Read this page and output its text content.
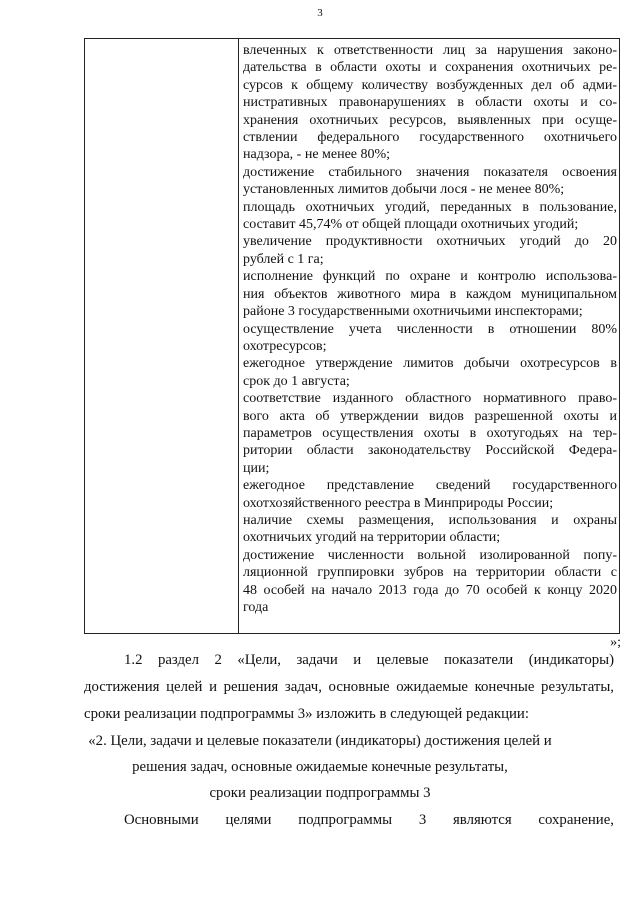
3
влеченных к ответственности лиц за нарушения законо-
дательства в области охоты и сохранения охотничьих ре-
сурсов к общему количеству возбужденных дел об адми-
нистративных правонарушениях в области охоты и со-
хранения охотничьих ресурсов, выявленных при осуще-
ствлении федерального государственного охотничьего
надзора, - не менее 80%;
достижение стабильного значения показателя освоения
установленных лимитов добычи лося - не менее 80%;
площадь охотничьих угодий, переданных в пользование,
составит 45,74% от общей площади охотничьих угодий;
увеличение продуктивности охотничьих угодий до 20
рублей с 1 га;
исполнение функций по охране и контролю использова-
ния объектов животного мира в каждом муниципальном
районе 3 государственными охотничьими инспекторами;
осуществление учета численности в отношении 80%
охотресурсов;
ежегодное утверждение лимитов добычи охотресурсов в
срок до 1 августа;
соответствие изданного областного нормативного право-
вого акта об утверждении видов разрешенной охоты и
параметров осуществления охоты в охотугодьях на тер-
ритории области законодательству Российской Федера-
ции;
ежегодное представление сведений государственного
охотхозяйственного реестра в Минприроды России;
наличие схемы размещения, использования и охраны
охотничьих угодий на территории области;
достижение численности вольной изолированной попу-
ляционной группировки зубров на территории области с
48 особей на начало 2013 года до 70 особей к концу 2020
года
»;
1.2 раздел 2 «Цели, задачи и целевые показатели (индикаторы)
достижения целей и решения задач, основные ожидаемые конечные результаты,
сроки реализации подпрограммы 3» изложить в следующей редакции:
«2. Цели, задачи и целевые показатели (индикаторы) достижения целей и
решения задач, основные ожидаемые конечные результаты,
сроки реализации подпрограммы 3
Основными целями подпрограммы 3 являются сохранение,
